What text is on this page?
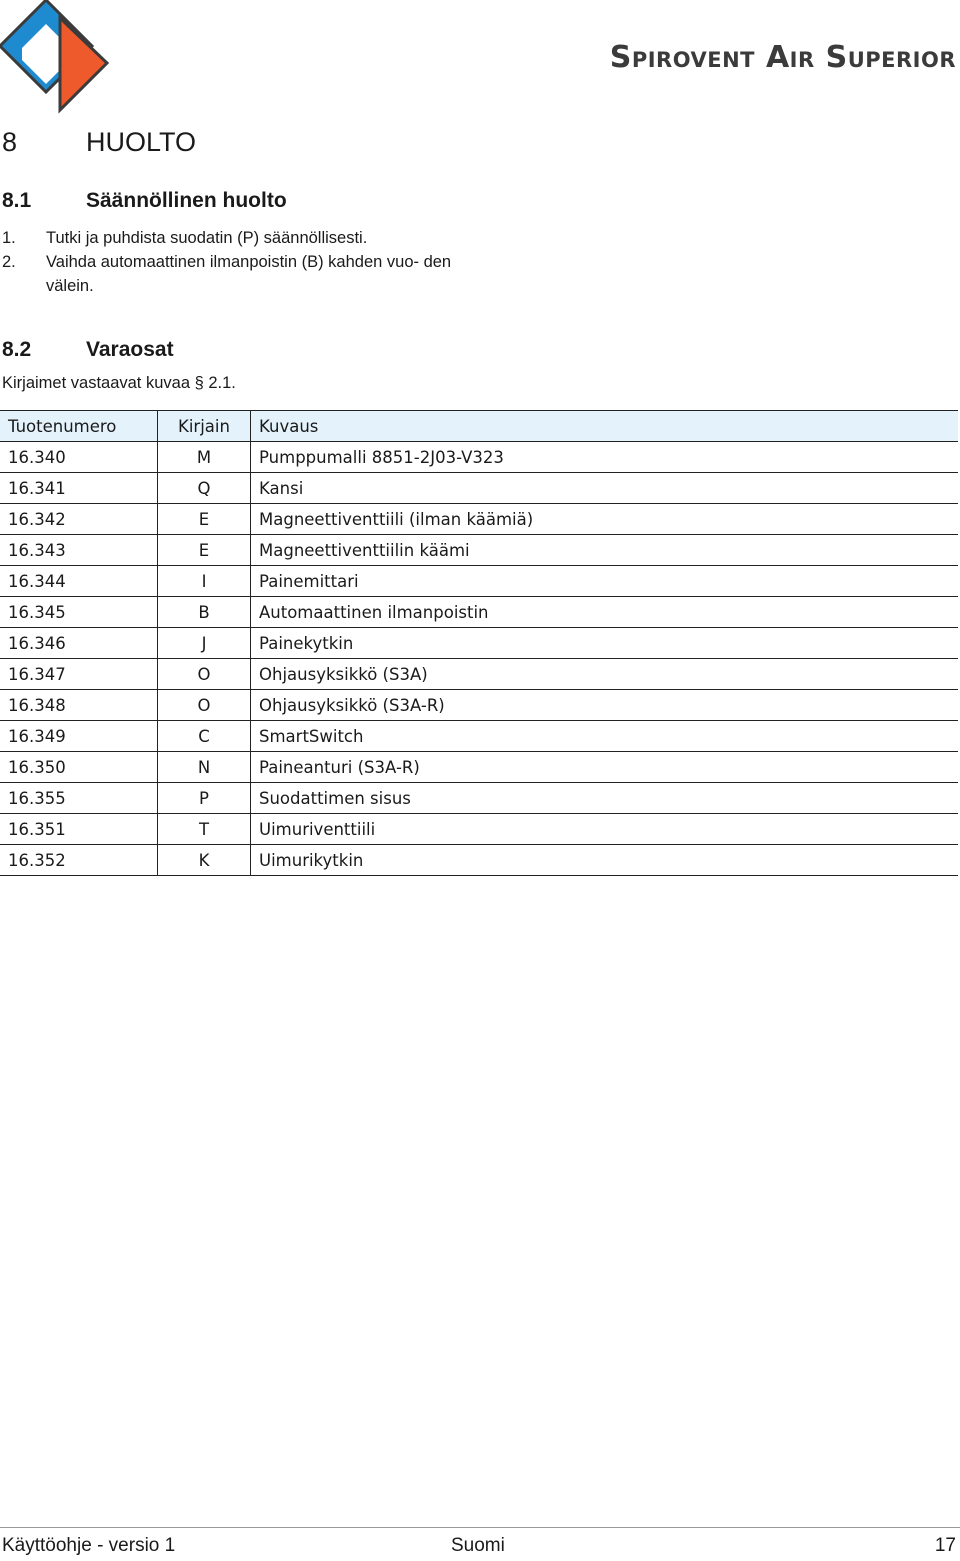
Spirovent Air Superior
8	HUOLTO
8.1	Säännöllinen huolto
1. Tutki ja puhdista suodatin (P) säännöllisesti.
2. Vaihda automaattinen ilmanpoistin (B) kahden vuo- den välein.
8.2	Varaosat
Kirjaimet vastaavat kuvaa § 2.1.
Tuotenumero	Kirjain	Kuvaus
16.340	M	Pumppumalli 8851-2J03-V323
16.341	Q	Kansi
16.342	E	Magneettiventtiili (ilman käämiä)
16.343	E	Magneettiventtiilin käämi
16.344	I	Painemittari
16.345	B	Automaattinen ilmanpoistin
16.346	J	Painekytkin
16.347	O	Ohjausyksikkö (S3A)
16.348	O	Ohjausyksikkö (S3A-R)
16.349	C	SmartSwitch
16.350	N	Paineanturi (S3A-R)
16.355	P	Suodattimen sisus
16.351	T	Uimuriventtiili
16.352	K	Uimurikytkin
Käyttöohje - versio 1	Suomi	17
